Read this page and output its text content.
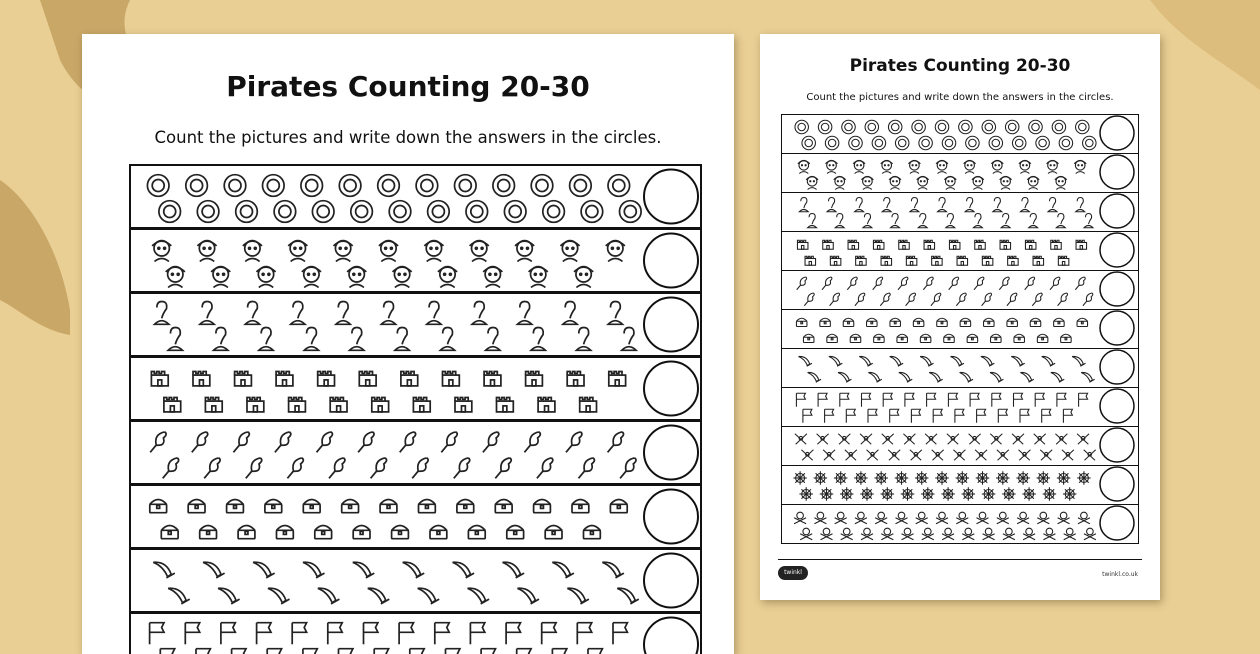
Pirates Counting 20-30
Count the pictures and write down the answers in the circles.
Pirates Counting 20-30
Count the pictures and write down the answers in the circles.
twinkl	twinkl.co.uk
